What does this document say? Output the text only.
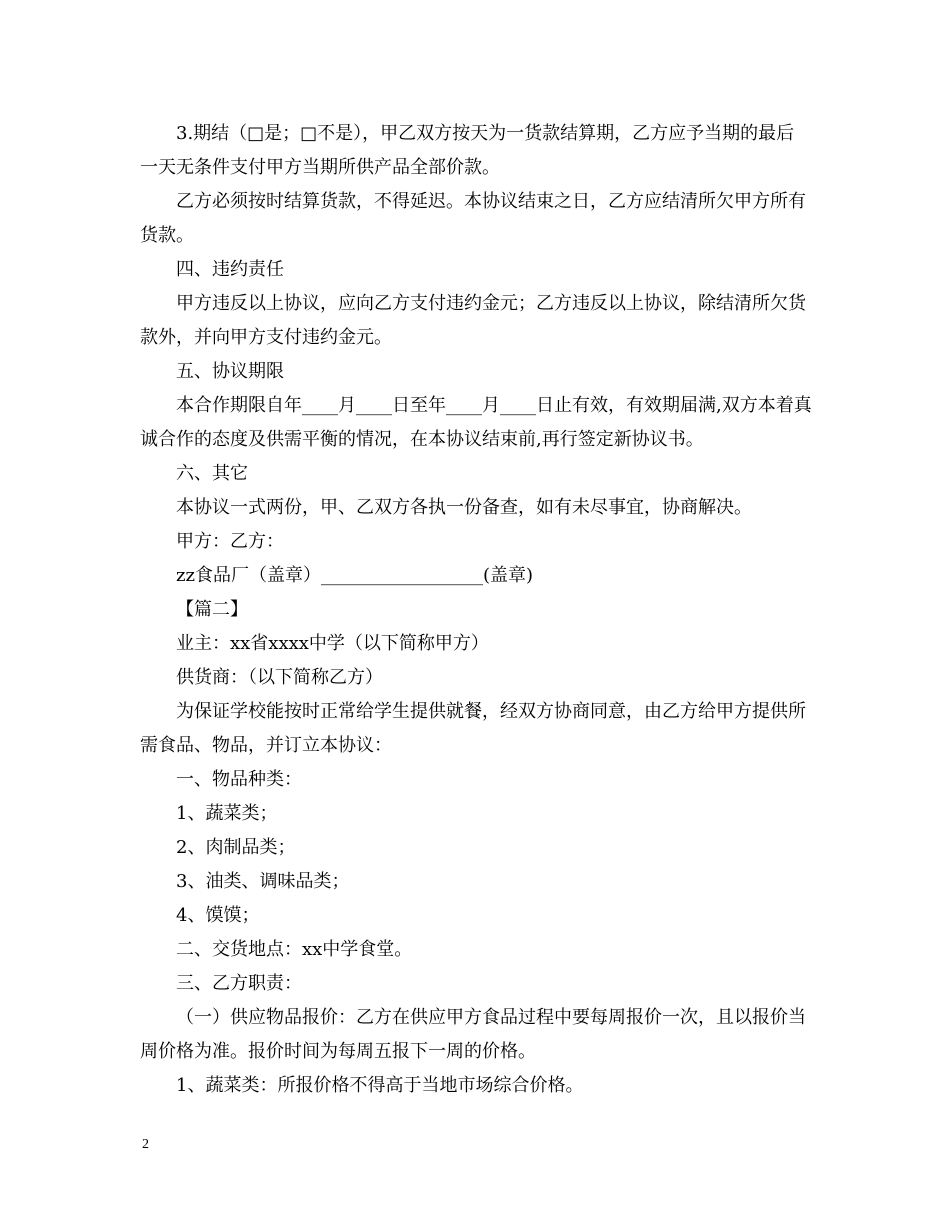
3.期结（□是；□不是），甲乙双方按天为一货款结算期，乙方应予当期的最后一天无条件支付甲方当期所供产品全部价款。

乙方必须按时结算货款，不得延迟。本协议结束之日，乙方应结清所欠甲方所有货款。

四、违约责任

甲方违反以上协议，应向乙方支付违约金元；乙方违反以上协议，除结清所欠货款外，并向甲方支付违约金元。

五、协议期限

本合作期限自年____月____日至年____月____日止有效，有效期届满,双方本着真诚合作的态度及供需平衡的情况，在本协议结束前,再行签定新协议书。

六、其它

本协议一式两份，甲、乙双方各执一份备查，如有未尽事宜，协商解决。

甲方：乙方：

zz食品厂（盖章）__________________(盖章)

【篇二】

业主：xx省xxxx中学（以下简称甲方）

供货商：（以下简称乙方）

为保证学校能按时正常给学生提供就餐，经双方协商同意，由乙方给甲方提供所需食品、物品，并订立本协议：

一、物品种类：

1、蔬菜类；

2、肉制品类；

3、油类、调味品类；

4、馍馍；

二、交货地点：xx中学食堂。

三、乙方职责：

（一）供应物品报价：乙方在供应甲方食品过程中要每周报价一次，且以报价当周价格为准。报价时间为每周五报下一周的价格。

1、蔬菜类：所报价格不得高于当地市场综合价格。

2
